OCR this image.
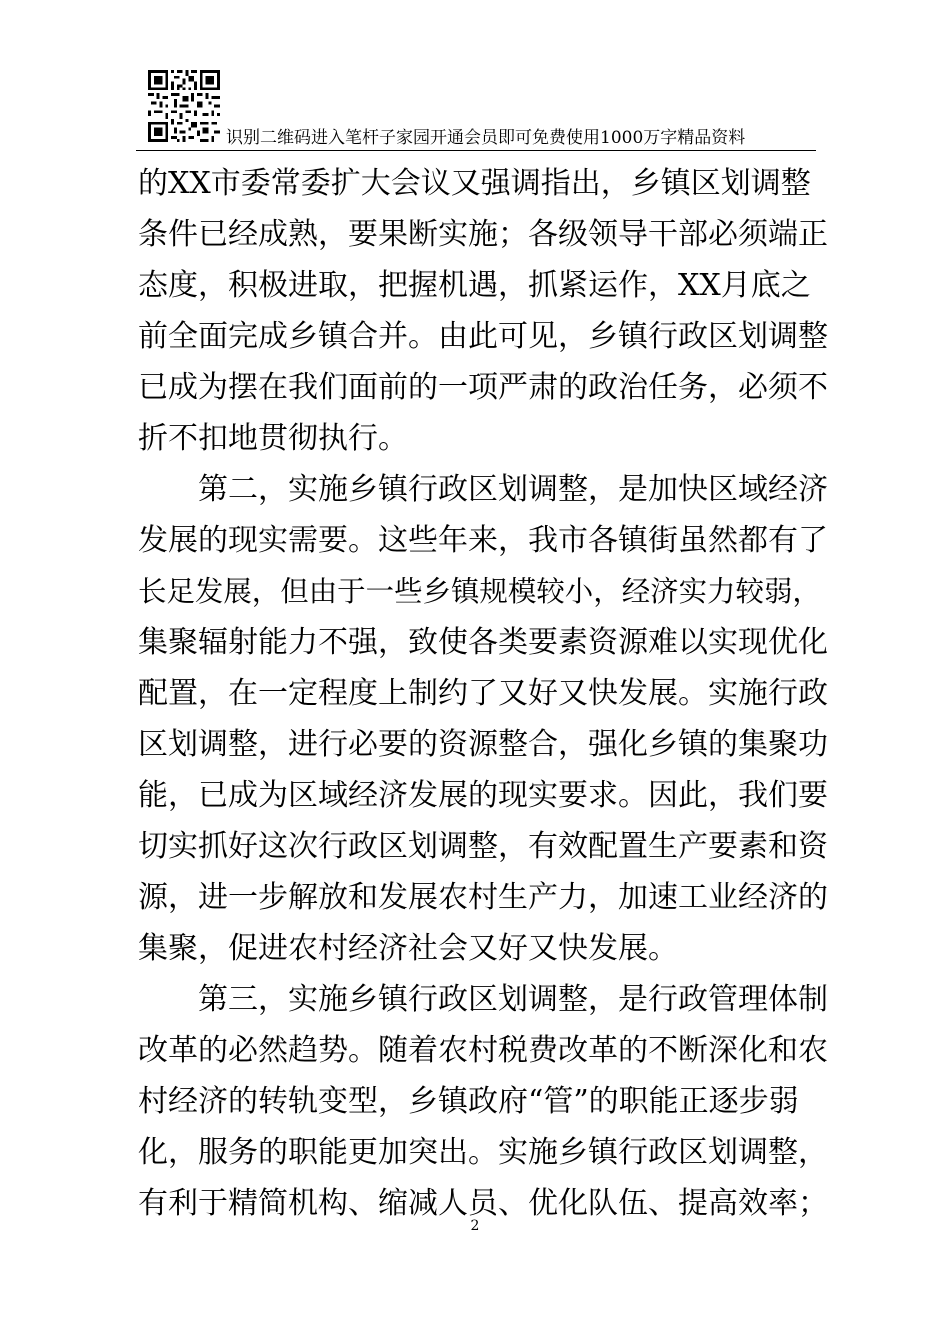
识别二维码进入笔杆子家园开通会员即可免费使用1000万字精品资料
的XX市委常委扩大会议又强调指出，乡镇区划调整
条件已经成熟，要果断实施；各级领导干部必须端正
态度，积极进取，把握机遇，抓紧运作，XX月底之
前全面完成乡镇合并。由此可见，乡镇行政区划调整
已成为摆在我们面前的一项严肃的政治任务，必须不
折不扣地贯彻执行。
第二，实施乡镇行政区划调整，是加快区域经济
发展的现实需要。这些年来，我市各镇街虽然都有了
长足发展，但由于一些乡镇规模较小，经济实力较弱，
集聚辐射能力不强，致使各类要素资源难以实现优化
配置，在一定程度上制约了又好又快发展。实施行政
区划调整，进行必要的资源整合，强化乡镇的集聚功
能，已成为区域经济发展的现实要求。因此，我们要
切实抓好这次行政区划调整，有效配置生产要素和资
源，进一步解放和发展农村生产力，加速工业经济的
集聚，促进农村经济社会又好又快发展。
第三，实施乡镇行政区划调整，是行政管理体制
改革的必然趋势。随着农村税费改革的不断深化和农
村经济的转轨变型，乡镇政府“管”的职能正逐步弱
化，服务的职能更加突出。实施乡镇行政区划调整，
有利于精简机构、缩减人员、优化队伍、提高效率；
2
